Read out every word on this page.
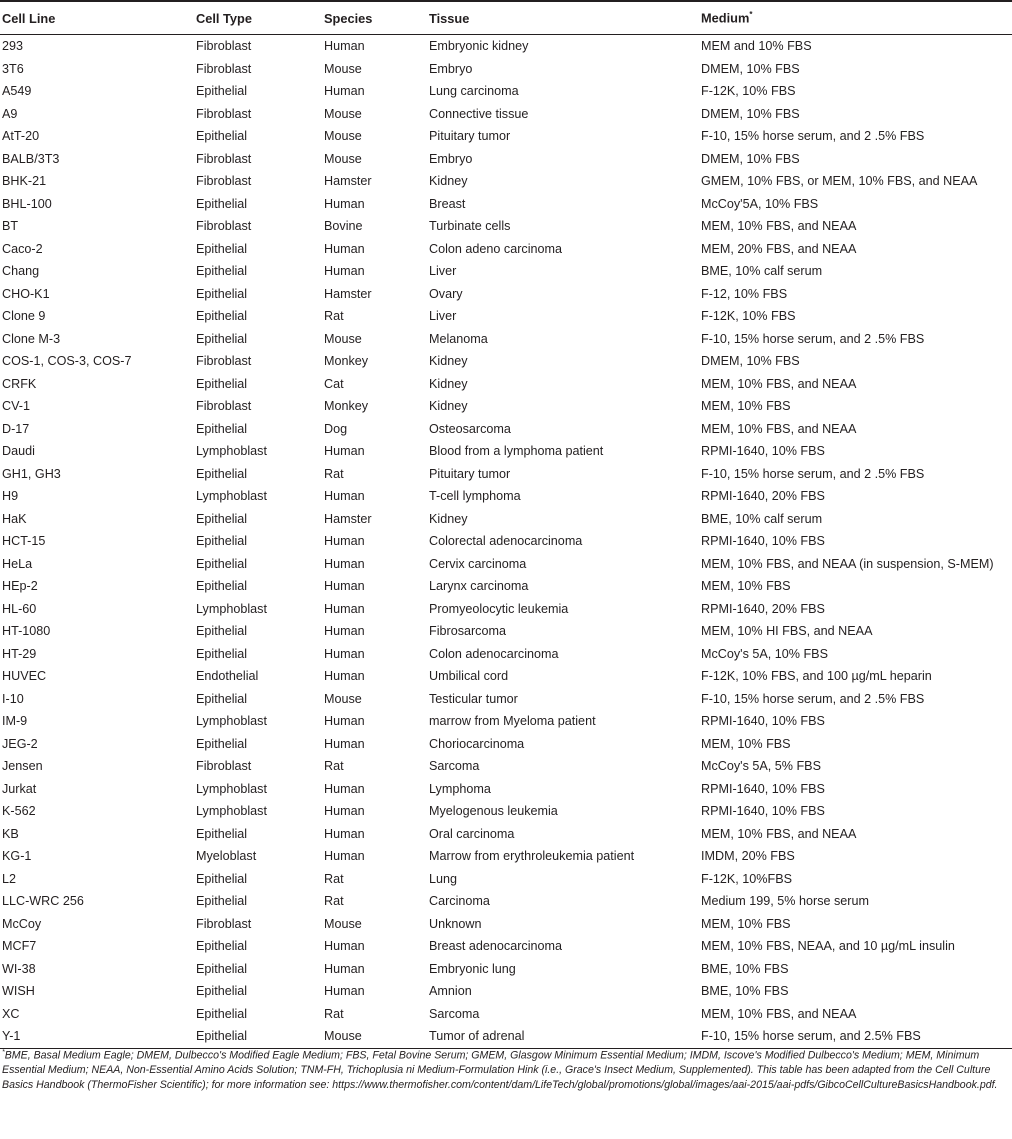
Cell Line	Cell Type	Species	Tissue	Medium*
293	Fibroblast	Human	Embryonic kidney	MEM and 10% FBS
3T6	Fibroblast	Mouse	Embryo	DMEM, 10% FBS
A549	Epithelial	Human	Lung carcinoma	F-12K, 10% FBS
A9	Fibroblast	Mouse	Connective tissue	DMEM, 10% FBS
AtT-20	Epithelial	Mouse	Pituitary tumor	F-10, 15% horse serum, and 2 .5% FBS
BALB/3T3	Fibroblast	Mouse	Embryo	DMEM, 10% FBS
BHK-21	Fibroblast	Hamster	Kidney	GMEM, 10% FBS, or MEM, 10% FBS, and NEAA
BHL-100	Epithelial	Human	Breast	McCoy'5A, 10% FBS
BT	Fibroblast	Bovine	Turbinate cells	MEM, 10% FBS, and NEAA
Caco-2	Epithelial	Human	Colon adeno carcinoma	MEM, 20% FBS, and NEAA
Chang	Epithelial	Human	Liver	BME, 10% calf serum
CHO-K1	Epithelial	Hamster	Ovary	F-12, 10% FBS
Clone 9	Epithelial	Rat	Liver	F-12K, 10% FBS
Clone M-3	Epithelial	Mouse	Melanoma	F-10, 15% horse serum, and 2 .5% FBS
COS-1, COS-3, COS-7	Fibroblast	Monkey	Kidney	DMEM, 10% FBS
CRFK	Epithelial	Cat	Kidney	MEM, 10% FBS, and NEAA
CV-1	Fibroblast	Monkey	Kidney	MEM, 10% FBS
D-17	Epithelial	Dog	Osteosarcoma	MEM, 10% FBS, and NEAA
Daudi	Lymphoblast	Human	Blood from a lymphoma patient	RPMI-1640, 10% FBS
GH1, GH3	Epithelial	Rat	Pituitary tumor	F-10, 15% horse serum, and 2 .5% FBS
H9	Lymphoblast	Human	T-cell lymphoma	RPMI-1640, 20% FBS
HaK	Epithelial	Hamster	Kidney	BME, 10% calf serum
HCT-15	Epithelial	Human	Colorectal adenocarcinoma	RPMI-1640, 10% FBS
HeLa	Epithelial	Human	Cervix carcinoma	MEM, 10% FBS, and NEAA (in suspension, S-MEM)
HEp-2	Epithelial	Human	Larynx carcinoma	MEM, 10% FBS
HL-60	Lymphoblast	Human	Promyeolocytic leukemia	RPMI-1640, 20% FBS
HT-1080	Epithelial	Human	Fibrosarcoma	MEM, 10% HI FBS, and NEAA
HT-29	Epithelial	Human	Colon adenocarcinoma	McCoy's 5A, 10% FBS
HUVEC	Endothelial	Human	Umbilical cord	F-12K, 10% FBS, and 100 µg/mL heparin
I-10	Epithelial	Mouse	Testicular tumor	F-10, 15% horse serum, and 2 .5% FBS
IM-9	Lymphoblast	Human	marrow from Myeloma patient	RPMI-1640, 10% FBS
JEG-2	Epithelial	Human	Choriocarcinoma	MEM, 10% FBS
Jensen	Fibroblast	Rat	Sarcoma	McCoy's 5A, 5% FBS
Jurkat	Lymphoblast	Human	Lymphoma	RPMI-1640, 10% FBS
K-562	Lymphoblast	Human	Myelogenous leukemia	RPMI-1640, 10% FBS
KB	Epithelial	Human	Oral carcinoma	MEM, 10% FBS, and NEAA
KG-1	Myeloblast	Human	Marrow from erythroleukemia patient	IMDM, 20% FBS
L2	Epithelial	Rat	Lung	F-12K, 10%FBS
LLC-WRC 256	Epithelial	Rat	Carcinoma	Medium 199, 5% horse serum
McCoy	Fibroblast	Mouse	Unknown	MEM, 10% FBS
MCF7	Epithelial	Human	Breast adenocarcinoma	MEM, 10% FBS, NEAA, and 10 µg/mL insulin
WI-38	Epithelial	Human	Embryonic lung	BME, 10% FBS
WISH	Epithelial	Human	Amnion	BME, 10% FBS
XC	Epithelial	Rat	Sarcoma	MEM, 10% FBS, and NEAA
Y-1	Epithelial	Mouse	Tumor of adrenal	F-10, 15% horse serum, and 2.5% FBS
*BME, Basal Medium Eagle; DMEM, Dulbecco's Modified Eagle Medium; FBS, Fetal Bovine Serum; GMEM, Glasgow Minimum Essential Medium; IMDM, Iscove's Modified Dulbecco's Medium; MEM, Minimum Essential Medium; NEAA, Non-Essential Amino Acids Solution; TNM-FH, Trichoplusia ni Medium-Formulation Hink (i.e., Grace's Insect Medium, Supplemented). This table has been adapted from the Cell Culture Basics Handbook (ThermoFisher Scientific); for more information see: https://www.thermofisher.com/content/dam/LifeTech/global/promotions/global/images/aai-2015/aai-pdfs/GibcoCellCultureBasicsHandbook.pdf.
